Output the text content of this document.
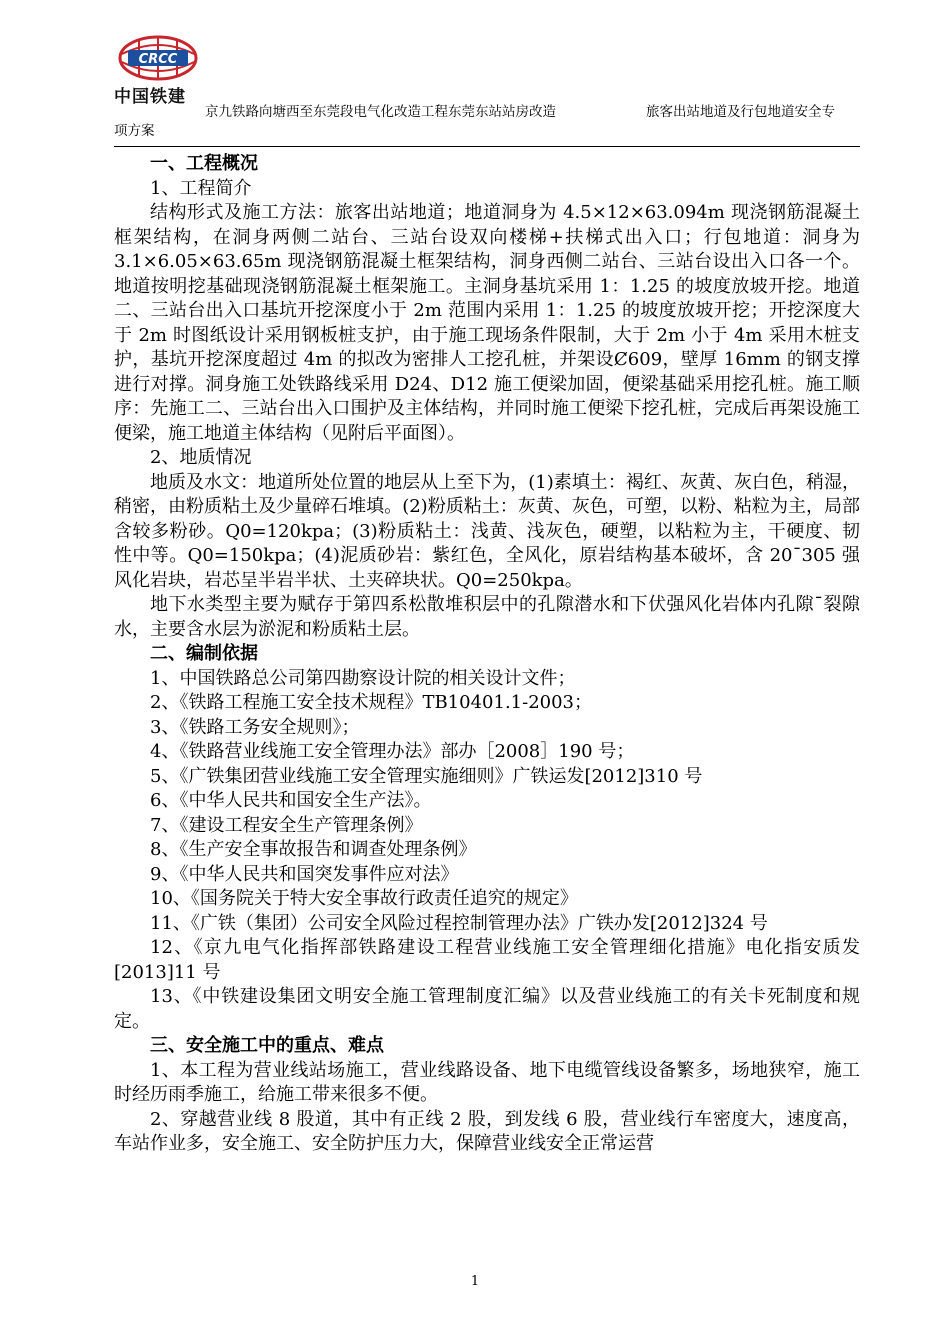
CRCC
中国铁建
京九铁路向塘西至东莞段电气化改造工程东莞东站站房改造	旅客出站地道及行包地道安全专
项方案

一、工程概况

1、工程简介

结构形式及施工方法：旅客出站地道；地道洞身为 4.5×12×63.094m 现浇钢筋混凝土框架结构，在洞身两侧二站台、三站台设双向楼梯+扶梯式出入口；行包地道：洞身为 3.1×6.05×63.65m 现浇钢筋混凝土框架结构，洞身西侧二站台、三站台设出入口各一个。地道按明挖基础现浇钢筋混凝土框架施工。主洞身基坑采用 1：1.25 的坡度放坡开挖。地道二、三站台出入口基坑开挖深度小于 2m 范围内采用 1：1.25 的坡度放坡开挖；开挖深度大于 2m 时图纸设计采用钢板桩支护，由于施工现场条件限制，大于 2m 小于 4m 采用木桩支护，基坑开挖深度超过 4m 的拟改为密排人工挖孔桩，并架设Ȼ609，壁厚 16mm 的钢支撑进行对撑。洞身施工处铁路线采用 D24、D12 施工便梁加固，便梁基础采用挖孔桩。施工顺序：先施工二、三站台出入口围护及主体结构，并同时施工便梁下挖孔桩，完成后再架设施工便梁，施工地道主体结构（见附后平面图）。

2、地质情况

地质及水文：地道所处位置的地层从上至下为，(1)素填土：褐红、灰黄、灰白色，稍湿，稍密，由粉质粘土及少量碎石堆填。(2)粉质粘土：灰黄、灰色，可塑，以粉、粘粒为主，局部含较多粉砂。Q0=120kpa；(3)粉质粘土：浅黄、浅灰色，硬塑，以粘粒为主，干硬度、韧性中等。Q0=150kpa；(4)泥质砂岩：紫红色，全风化，原岩结构基本破坏，含 20¯305 强风化岩块，岩芯呈半岩半状、土夹碎块状。Q0=250kpa。

地下水类型主要为赋存于第四系松散堆积层中的孔隙潜水和下伏强风化岩体内孔隙¯裂隙水，主要含水层为淤泥和粉质粘土层。

二、编制依据

1、中国铁路总公司第四勘察设计院的相关设计文件；

2、《铁路工程施工安全技术规程》TB10401.1-2003；

3、《铁路工务安全规则》；

4、《铁路营业线施工安全管理办法》部办［2008］190 号；

5、《广铁集团营业线施工安全管理实施细则》广铁运发[2012]310 号

6、《中华人民共和国安全生产法》。

7、《建设工程安全生产管理条例》

8、《生产安全事故报告和调查处理条例》

9、《中华人民共和国突发事件应对法》

10、《国务院关于特大安全事故行政责任追究的规定》

11、《广铁（集团）公司安全风险过程控制管理办法》广铁办发[2012]324 号

12、《京九电气化指挥部铁路建设工程营业线施工安全管理细化措施》电化指安质发[2013]11 号

13、《中铁建设集团文明安全施工管理制度汇编》以及营业线施工的有关卡死制度和规定。

三、安全施工中的重点、难点

1、本工程为营业线站场施工，营业线路设备、地下电缆管线设备繁多，场地狭窄，施工时经历雨季施工，给施工带来很多不便。

2、穿越营业线 8 股道，其中有正线 2 股，到发线 6 股，营业线行车密度大，速度高，车站作业多，安全施工、安全防护压力大，保障营业线安全正常运营

1
